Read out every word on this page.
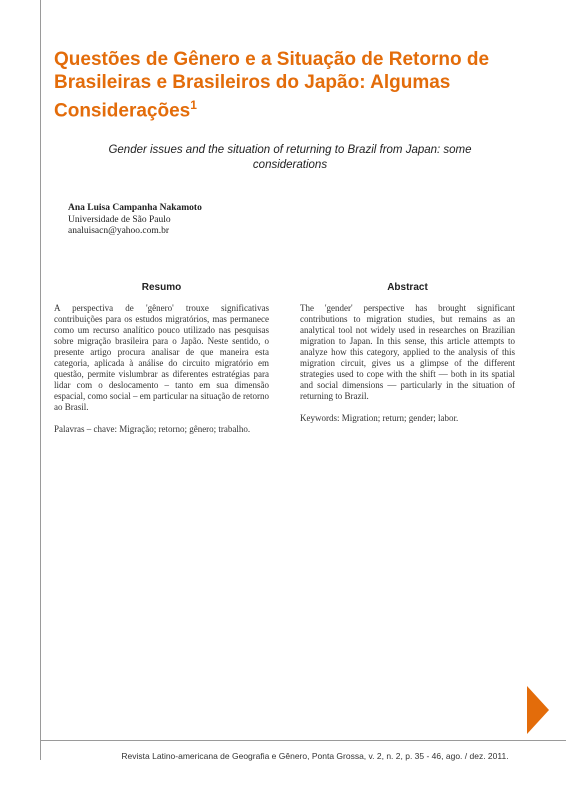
Questões de Gênero e a Situação de Retorno de Brasileiras e Brasileiros do Japão: Algumas Considerações$^1$
Gender issues and the situation of returning to Brazil from Japan: some considerations
Ana Luisa Campanha Nakamoto
Universidade de São Paulo
analuisacn@yahoo.com.br
Resumo

A perspectiva de 'gênero' trouxe significativas contribuições para os estudos migratórios, mas permanece como um recurso analítico pouco utilizado nas pesquisas sobre migração brasileira para o Japão. Neste sentido, o presente artigo procura analisar de que maneira esta categoria, aplicada à análise do circuito migratório em questão, permite vislumbrar as diferentes estratégias para lidar com o deslocamento – tanto em sua dimensão espacial, como social – em particular na situação de retorno ao Brasil.

Palavras – chave: Migração; retorno; gênero; trabalho.

Abstract

The 'gender' perspective has brought significant contributions to migration studies, but remains as an analytical tool not widely used in researches on Brazilian migration to Japan. In this sense, this article attempts to analyze how this category, applied to the analysis of this migration circuit, gives us a glimpse of the different strategies used to cope with the shift — both in its spatial and social dimensions — particularly in the situation of returning to Brazil.

Keywords: Migration; return; gender; labor.

Revista Latino-americana de Geografia e Gênero, Ponta Grossa, v. 2, n. 2, p. 35 - 46, ago. / dez. 2011.
